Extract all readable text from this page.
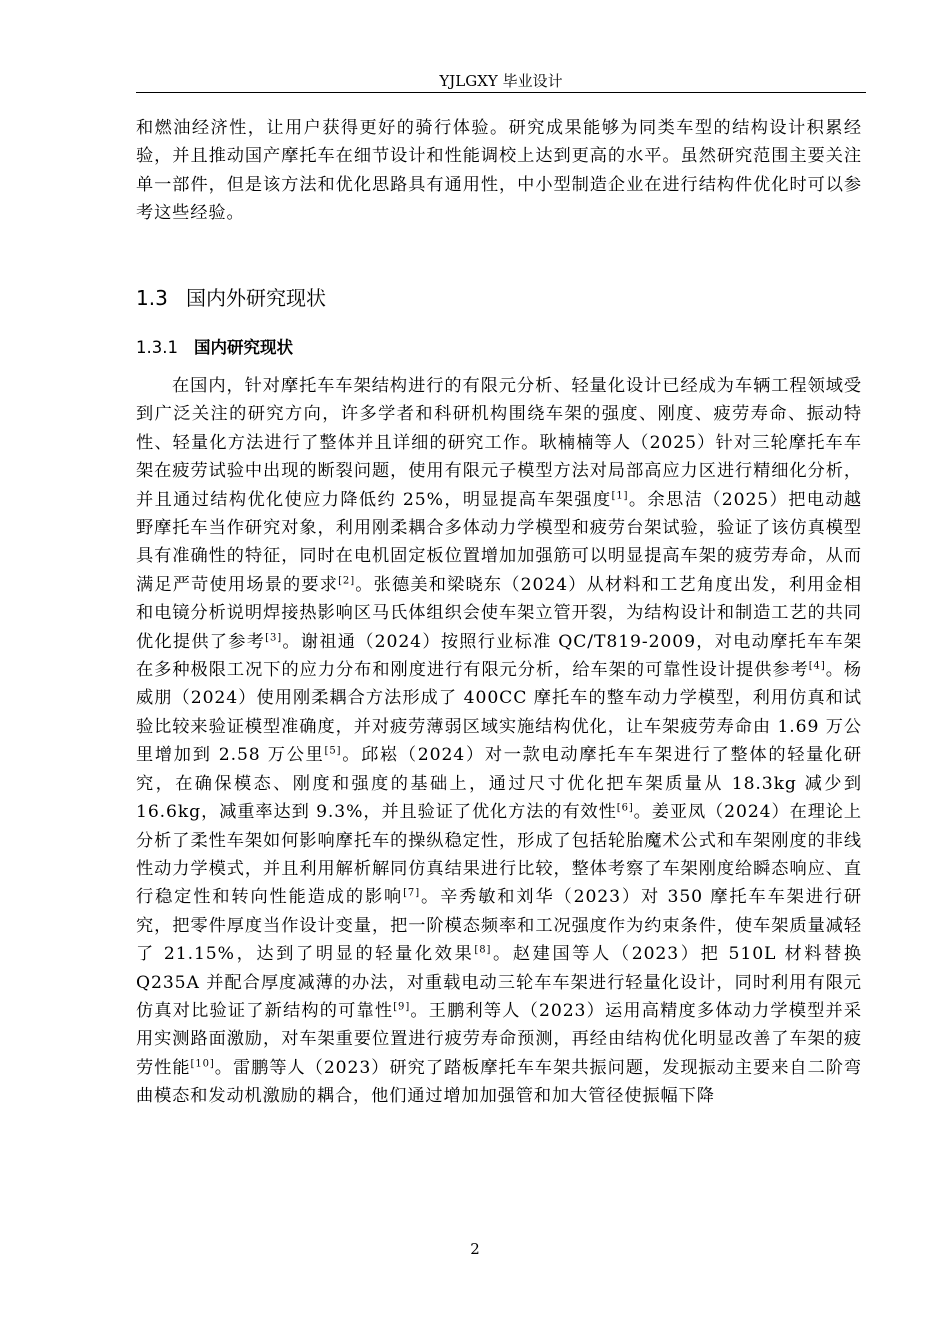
YJLGXY 毕业设计
和燃油经济性，让用户获得更好的骑行体验。研究成果能够为同类车型的结构设计积累经验，并且推动国产摩托车在细节设计和性能调校上达到更高的水平。虽然研究范围主要关注单一部件，但是该方法和优化思路具有通用性，中小型制造企业在进行结构件优化时可以参考这些经验。
1.3 国内外研究现状
1.3.1 国内研究现状
在国内，针对摩托车车架结构进行的有限元分析、轻量化设计已经成为车辆工程领域受到广泛关注的研究方向，许多学者和科研机构围绕车架的强度、刚度、疲劳寿命、振动特性、轻量化方法进行了整体并且详细的研究工作。耿楠楠等人（2025）针对三轮摩托车车架在疲劳试验中出现的断裂问题，使用有限元子模型方法对局部高应力区进行精细化分析，并且通过结构优化使应力降低约 25%，明显提高车架强度[1]。余思洁（2025）把电动越野摩托车当作研究对象，利用刚柔耦合多体动力学模型和疲劳台架试验，验证了该仿真模型具有准确性的特征，同时在电机固定板位置增加加强筋可以明显提高车架的疲劳寿命，从而满足严苛使用场景的要求[2]。张德美和梁晓东（2024）从材料和工艺角度出发，利用金相和电镜分析说明焊接热影响区马氏体组织会使车架立管开裂，为结构设计和制造工艺的共同优化提供了参考[3]。谢祖通（2024）按照行业标准 QC/T819-2009，对电动摩托车车架在多种极限工况下的应力分布和刚度进行有限元分析，给车架的可靠性设计提供参考[4]。杨威朋（2024）使用刚柔耦合方法形成了 400CC 摩托车的整车动力学模型，利用仿真和试验比较来验证模型准确度，并对疲劳薄弱区域实施结构优化，让车架疲劳寿命由 1.69 万公里增加到 2.58 万公里[5]。邱崧（2024）对一款电动摩托车车架进行了整体的轻量化研究，在确保模态、刚度和强度的基础上，通过尺寸优化把车架质量从 18.3kg 减少到 16.6kg，减重率达到 9.3%，并且验证了优化方法的有效性[6]。姜亚凤（2024）在理论上分析了柔性车架如何影响摩托车的操纵稳定性，形成了包括轮胎魔术公式和车架刚度的非线性动力学模式，并且利用解析解同仿真结果进行比较，整体考察了车架刚度给瞬态响应、直行稳定性和转向性能造成的影响[7]。辛秀敏和刘华（2023）对 350 摩托车车架进行研究，把零件厚度当作设计变量，把一阶模态频率和工况强度作为约束条件，使车架质量减轻了 21.15%，达到了明显的轻量化效果[8]。赵建国等人（2023）把 510L 材料替换 Q235A 并配合厚度减薄的办法，对重载电动三轮车车架进行轻量化设计，同时利用有限元仿真对比验证了新结构的可靠性[9]。王鹏利等人（2023）运用高精度多体动力学模型并采用实测路面激励，对车架重要位置进行疲劳寿命预测，再经由结构优化明显改善了车架的疲劳性能[10]。雷鹏等人（2023）研究了踏板摩托车车架共振问题，发现振动主要来自二阶弯曲模态和发动机激励的耦合，他们通过增加加强管和加大管径使振幅下降
2
